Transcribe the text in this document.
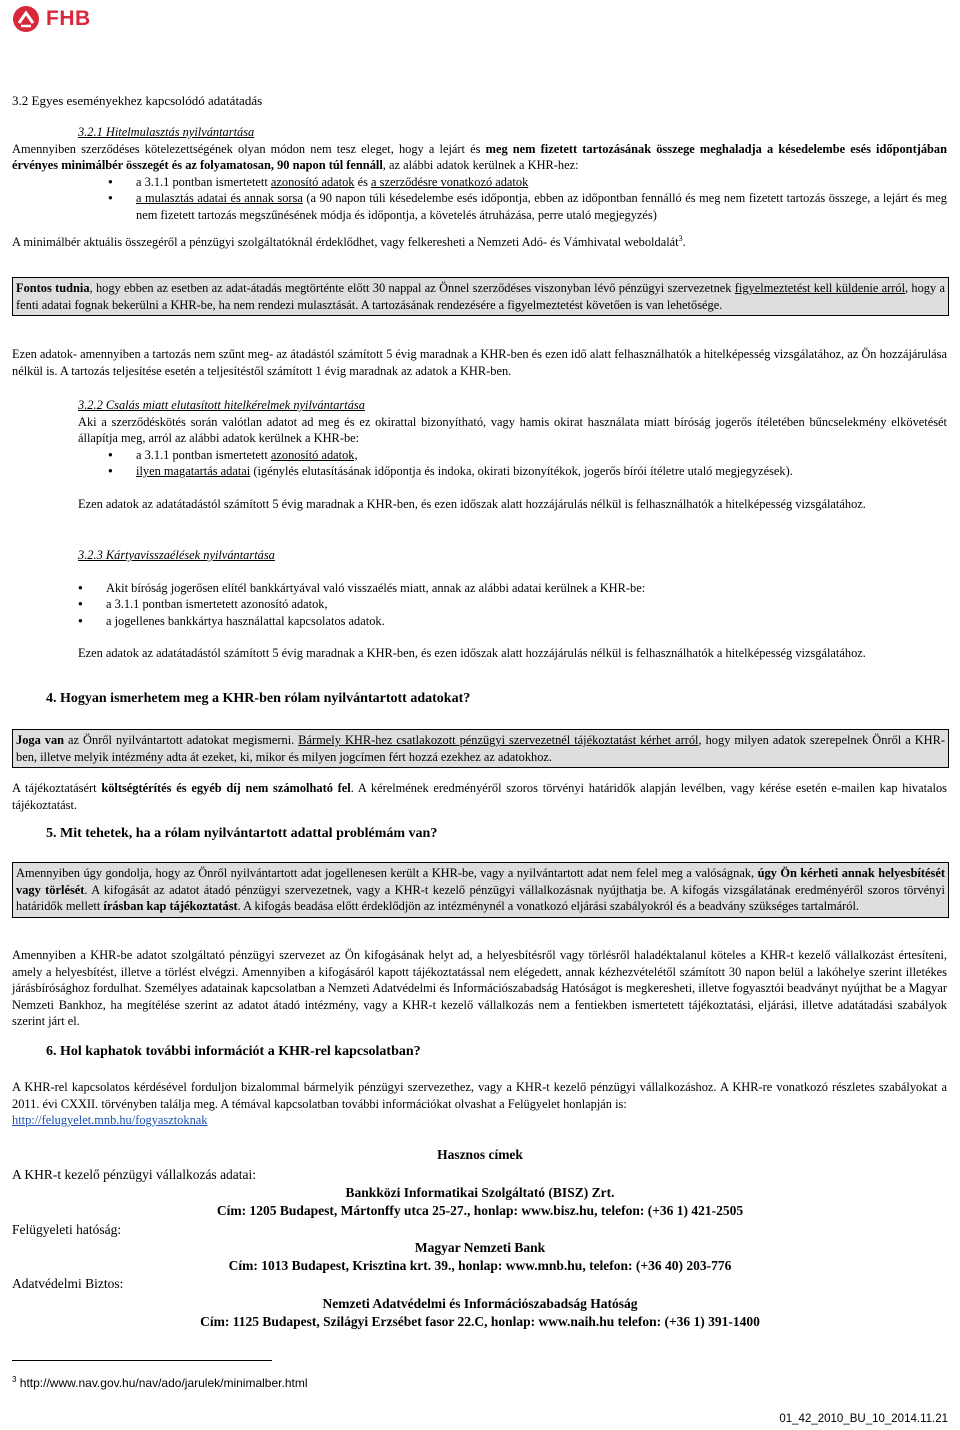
FHB

3.2 Egyes eseményekhez kapcsolódó adatátadás

3.2.1 Hitelmulasztás nyilvántartása

Amennyiben szerződéses kötelezettségének olyan módon nem tesz eleget, hogy a lejárt és meg nem fizetett tartozásának összege meghaladja a késedelembe esés időpontjában érvényes minimálbér összegét és az folyamatosan, 90 napon túl fennáll, az alábbi adatok kerülnek a KHR-hez:

● a 3.1.1 pontban ismertetett azonosító adatok és a szerződésre vonatkozó adatok
● a mulasztás adatai és annak sorsa (a 90 napon túli késedelembe esés időpontja, ebben az időpontban fennálló és meg nem fizetett tartozás összege, a lejárt és meg nem fizetett tartozás megszűnésének módja és időpontja, a követelés átruházása, perre utaló megjegyzés)

A minimálbér aktuális összegéről a pénzügyi szolgáltatóknál érdeklődhet, vagy felkeresheti a Nemzeti Adó- és Vámhivatal weboldalát$^3$.

Fontos tudnia, hogy ebben az esetben az adat-átadás megtörténte előtt 30 nappal az Önnel szerződéses viszonyban lévő pénzügyi szervezetnek figyelmeztetést kell küldenie arról, hogy a fenti adatai fognak bekerülni a KHR-be, ha nem rendezi mulasztását. A tartozásának rendezésére a figyelmeztetést követően is van lehetősége.

Ezen adatok- amennyiben a tartozás nem szűnt meg- az átadástól számított 5 évig maradnak a KHR-ben és ezen idő alatt felhasználhatók a hitelképesség vizsgálatához, az Ön hozzájárulása nélkül is. A tartozás teljesítése esetén a teljesítéstől számított 1 évig maradnak az adatok a KHR-ben.

3.2.2 Csalás miatt elutasított hitelkérelmek nyilvántartása

Aki a szerződéskötés során valótlan adatot ad meg és ez okirattal bizonyítható, vagy hamis okirat használata miatt bíróság jogerős ítéletében bűncselekmény elkövetését állapítja meg, arról az alábbi adatok kerülnek a KHR-be:

● a 3.1.1 pontban ismertetett azonosító adatok,
● ilyen magatartás adatai (igénylés elutasításának időpontja és indoka, okirati bizonyítékok, jogerős bírói ítéletre utaló megjegyzések).

Ezen adatok az adatátadástól számított 5 évig maradnak a KHR-ben, és ezen időszak alatt hozzájárulás nélkül is felhasználhatók a hitelképesség vizsgálatához.

3.2.3 Kártyavisszaélések nyilvántartása

● Akit bíróság jogerősen elítél bankkártyával való visszaélés miatt, annak az alábbi adatai kerülnek a KHR-be:
● a 3.1.1 pontban ismertetett azonosító adatok,
● a jogellenes bankkártya használattal kapcsolatos adatok.

Ezen adatok az adatátadástól számított 5 évig maradnak a KHR-ben, és ezen időszak alatt hozzájárulás nélkül is felhasználhatók a hitelképesség vizsgálatához.

4. Hogyan ismerhetem meg a KHR-ben rólam nyilvántartott adatokat?

Joga van az Önről nyilvántartott adatokat megismerni. Bármely KHR-hez csatlakozott pénzügyi szervezetnél tájékoztatást kérhet arról, hogy milyen adatok szerepelnek Önről a KHR-ben, illetve melyik intézmény adta át ezeket, ki, mikor és milyen jogcímen fért hozzá ezekhez az adatokhoz.

A tájékoztatásért költségtérítés és egyéb díj nem számolható fel. A kérelmének eredményéről szoros törvényi határidők alapján levélben, vagy kérése esetén e-mailen kap hivatalos tájékoztatást.

5. Mit tehetek, ha a rólam nyilvántartott adattal problémám van?

Amennyiben úgy gondolja, hogy az Önről nyilvántartott adat jogellenesen került a KHR-be, vagy a nyilvántartott adat nem felel meg a valóságnak, úgy Ön kérheti annak helyesbítését vagy törlését. A kifogását az adatot átadó pénzügyi szervezetnek, vagy a KHR-t kezelő pénzügyi vállalkozásnak nyújthatja be. A kifogás vizsgálatának eredményéről szoros törvényi határidők mellett írásban kap tájékoztatást. A kifogás beadása előtt érdeklődjön az intézménynél a vonatkozó eljárási szabályokról és a beadvány szükséges tartalmáról.

Amennyiben a KHR-be adatot szolgáltató pénzügyi szervezet az Ön kifogásának helyt ad, a helyesbítésről vagy törlésről haladéktalanul köteles a KHR-t kezelő vállalkozást értesíteni, amely a helyesbítést, illetve a törlést elvégzi. Amennyiben a kifogásáról kapott tájékoztatással nem elégedett, annak kézhezvételétől számított 30 napon belül a lakóhelye szerint illetékes járásbírósághoz fordulhat. Személyes adatainak kapcsolatban a Nemzeti Adatvédelmi és Információszabadság Hatóságot is megkeresheti, illetve fogyasztói beadványt nyújthat be a Magyar Nemzeti Bankhoz, ha megítélése szerint az adatot átadó intézmény, vagy a KHR-t kezelő vállalkozás nem a fentiekben ismertetett tájékoztatási, eljárási, illetve adatátadási szabályok szerint járt el.

6. Hol kaphatok további információt a KHR-rel kapcsolatban?

A KHR-rel kapcsolatos kérdésével forduljon bizalommal bármelyik pénzügyi szervezethez, vagy a KHR-t kezelő pénzügyi vállalkozáshoz. A KHR-re vonatkozó részletes szabályokat a 2011. évi CXXII. törvényben találja meg. A témával kapcsolatban további információkat olvashat a Felügyelet honlapján is:
http://felugyelet.mnb.hu/fogyasztoknak

Hasznos címek

A KHR-t kezelő pénzügyi vállalkozás adatai:

Bankközi Informatikai Szolgáltató (BISZ) Zrt.

Cím: 1205 Budapest, Mártonffy utca 25-27., honlap: www.bisz.hu, telefon: (+36 1) 421-2505

Felügyeleti hatóság:

Magyar Nemzeti Bank

Cím: 1013 Budapest, Krisztina krt. 39., honlap: www.mnb.hu, telefon: (+36 40) 203-776

Adatvédelmi Biztos:

Nemzeti Adatvédelmi és Információszabadság Hatóság

Cím: 1125 Budapest, Szilágyi Erzsébet fasor 22.C, honlap: www.naih.hu telefon: (+36 1) 391-1400

$^3$ http://www.nav.gov.hu/nav/ado/jarulek/minimalber.html

01_42_2010_BU_10_2014.11.21
